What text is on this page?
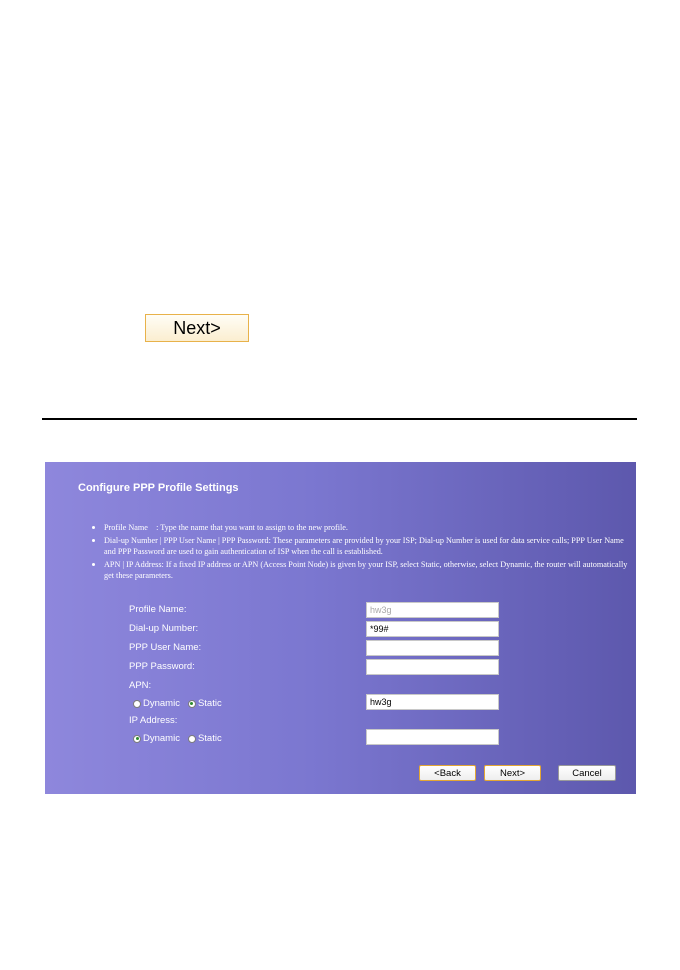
Next>
Configure PPP Profile Settings
Profile Name　: Type the name that you want to assign to the new profile.
Dial-up Number | PPP User Name | PPP Password: These parameters are provided by your ISP; Dial-up Number is used for data service calls; PPP User Name and PPP Password are used to gain authentication of ISP when the call is established.
APN | IP Address: If a fixed IP address or APN (Access Point Node) is given by your ISP, select Static, otherwise, select Dynamic, the router will automatically get these parameters.
Profile Name:
hw3g
Dial-up Number:
*99#
PPP User Name:
PPP Password:
APN:
Dynamic Static
hw3g
IP Address:
Dynamic Static
<Back	Next>	Cancel
